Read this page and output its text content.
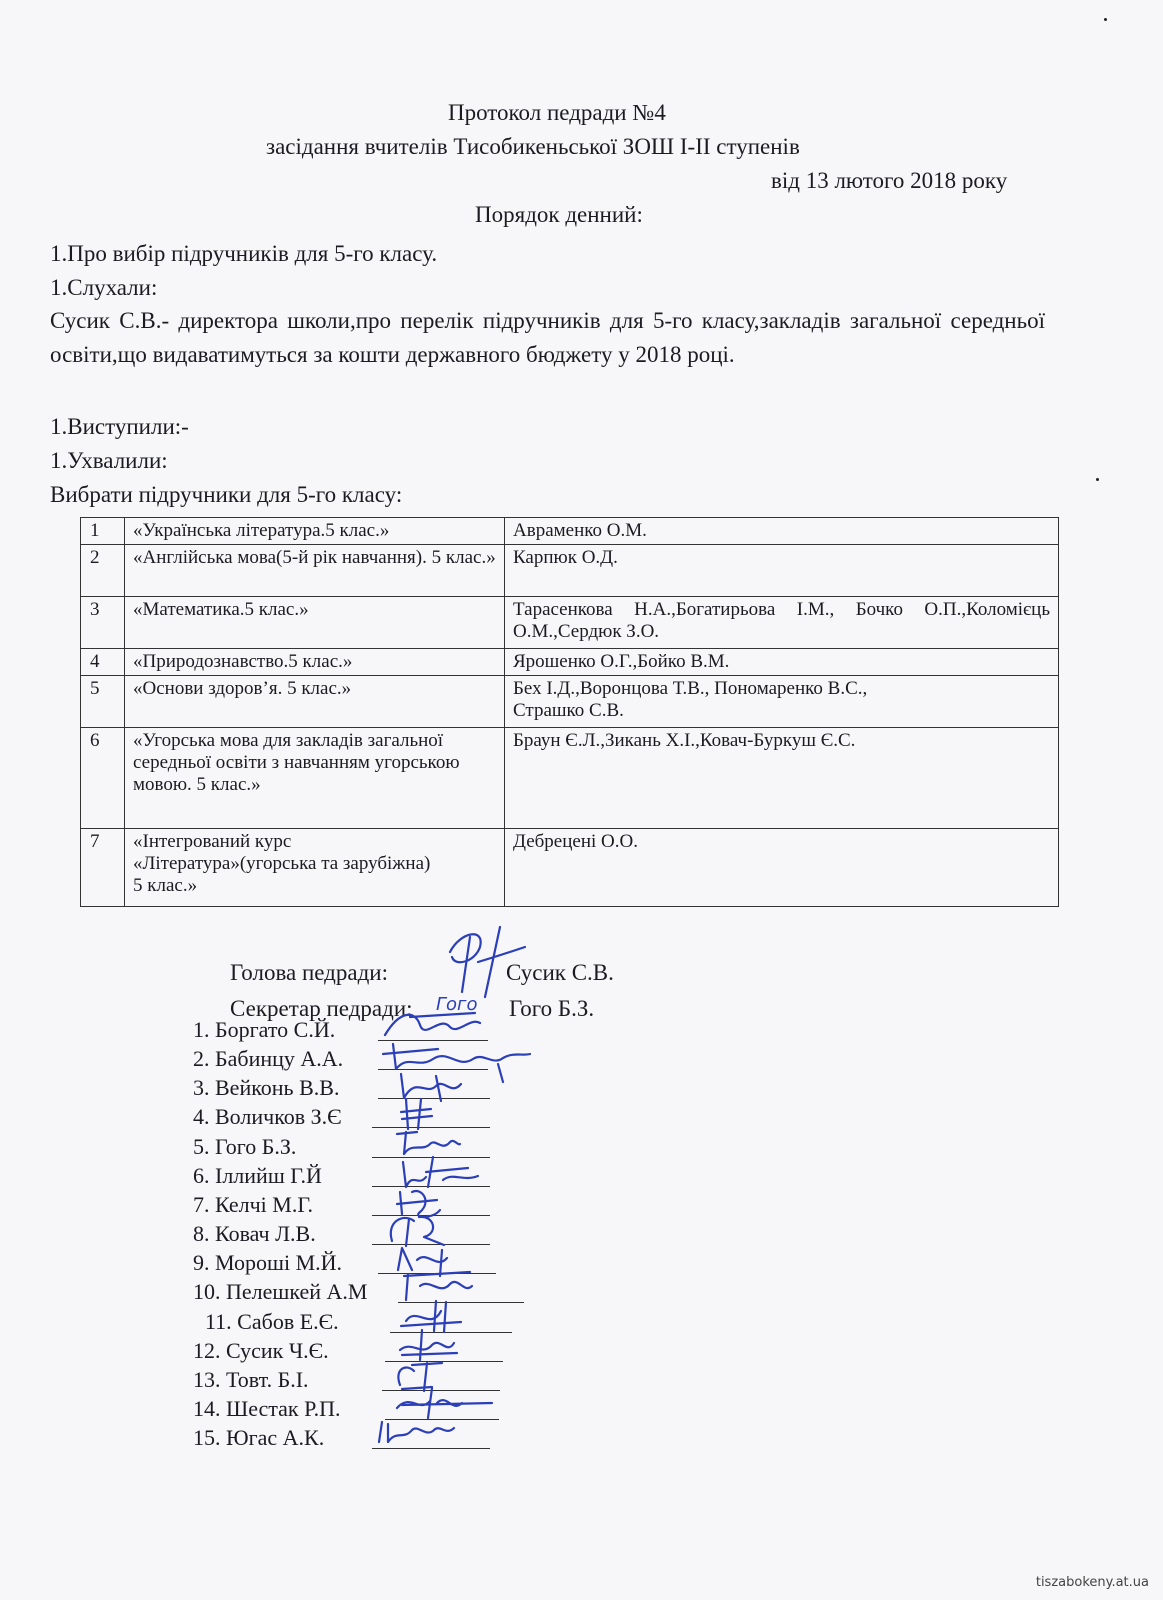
Протокол педради №4
засідання вчителів Тисобикеньської ЗОШ І-ІІ ступенів
від 13 лютого 2018 року
Порядок денний:
1.Про вибір підручників для 5-го класу.
1.Слухали:
Сусик С.В.- директора школи,про перелік підручників для 5-го класу,закладів загальної середньої освіти,що видаватимуться за кошти державного бюджету у 2018 році.
1.Виступили:-
1.Ухвалили:
Вибрати підручники для 5-го класу:
1	«Українська література.5 клас.»	Авраменко О.М.
2	«Англійська мова(5-й рік навчання). 5 клас.»	Карпюк О.Д.
3	«Математика.5 клас.»	Тарасенкова Н.А.,Богатирьова І.М., Бочко О.П.,Коломієць О.М.,Сердюк З.О.
4	«Природознавство.5 клас.»	Ярошенко О.Г.,Бойко В.М.
5	«Основи здоров’я. 5 клас.»	Бех І.Д.,Воронцова Т.В., Пономаренко В.С., Страшко С.В.
6	«Угорська мова для закладів загальної середньої освіти з навчанням угорською мовою. 5 клас.»	Браун Є.Л.,Зикань Х.І.,Ковач-Буркуш Є.С.
7	«Інтегрований курс «Література»(угорська та зарубіжна) 5 клас.»	Дебрецені О.О.
Голова педради:	Сусик С.В.
Секретар педради:	Гого Б.З.
Гого
1. Боргато С.Й.
2. Бабинцу А.А.
3. Вейконь В.В.
4. Воличков З.Є
5. Гого Б.З.
6. Іллийш Г.Й
7. Келчі М.Г.
8. Ковач Л.В.
9. Мороші М.Й.
10. Пелешкей А.М
11. Сабов Е.Є.
12. Сусик Ч.Є.
13. Товт. Б.І.
14. Шестак Р.П.
15. Югас А.К.
tiszabokeny.at.ua
